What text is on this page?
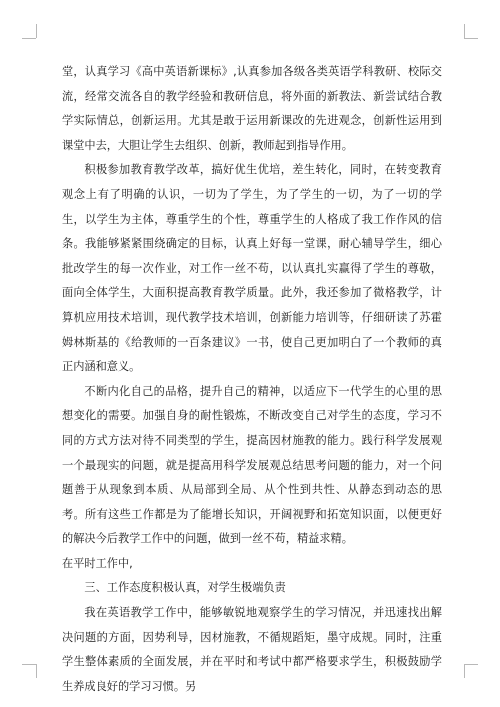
堂，认真学习《高中英语新课标》,认真参加各级各类英语学科教研、校际交流，经常交流各自的教学经验和教研信息，将外面的新教法、新尝试结合教学实际情总，创新运用。尤其是敢于运用新课改的先进观念，创新性运用到课堂中去，大胆让学生去组织、创新，教师起到指导作用。

积极参加教育教学改革，搞好优生优培，差生转化，同时，在转变教育观念上有了明确的认识，一切为了学生，为了学生的一切，为了一切的学生，以学生为主体，尊重学生的个性，尊重学生的人格成了我工作作风的信条。我能够紧紧围绕确定的目标，认真上好每一堂课，耐心辅导学生，细心批改学生的每一次作业，对工作一丝不苟，以认真扎实赢得了学生的尊敬，面向全体学生，大面积提高教育教学质量。此外，我还参加了微格教学，计算机应用技术培训，现代教学技术培训，创新能力培训等，仔细研读了苏霍姆林斯基的《给教师的一百条建议》一书，使自己更加明白了一个教师的真正内涵和意义。

不断内化自己的品格，提升自己的精神，以适应下一代学生的心里的思想变化的需要。加强自身的耐性锻炼，不断改变自己对学生的态度，学习不同的方式方法对待不同类型的学生，提高因材施教的能力。践行科学发展观一个最现实的问题，就是提高用科学发展观总结思考问题的能力，对一个问题善于从现象到本质、从局部到全局、从个性到共性、从静态到动态的思考。所有这些工作都是为了能增长知识，开阔视野和拓宽知识面，以便更好的解决今后教学工作中的问题，做到一丝不苟，精益求精。

在平时工作中,

三、工作态度积极认真，对学生极端负责

我在英语教学工作中，能够敏锐地观察学生的学习情况，并迅速找出解决问题的方面，因势利导，因材施教，不循规蹈矩，墨守成规。同时，注重学生整体素质的全面发展，并在平时和考试中都严格要求学生，积极鼓励学生养成良好的学习习惯。另
